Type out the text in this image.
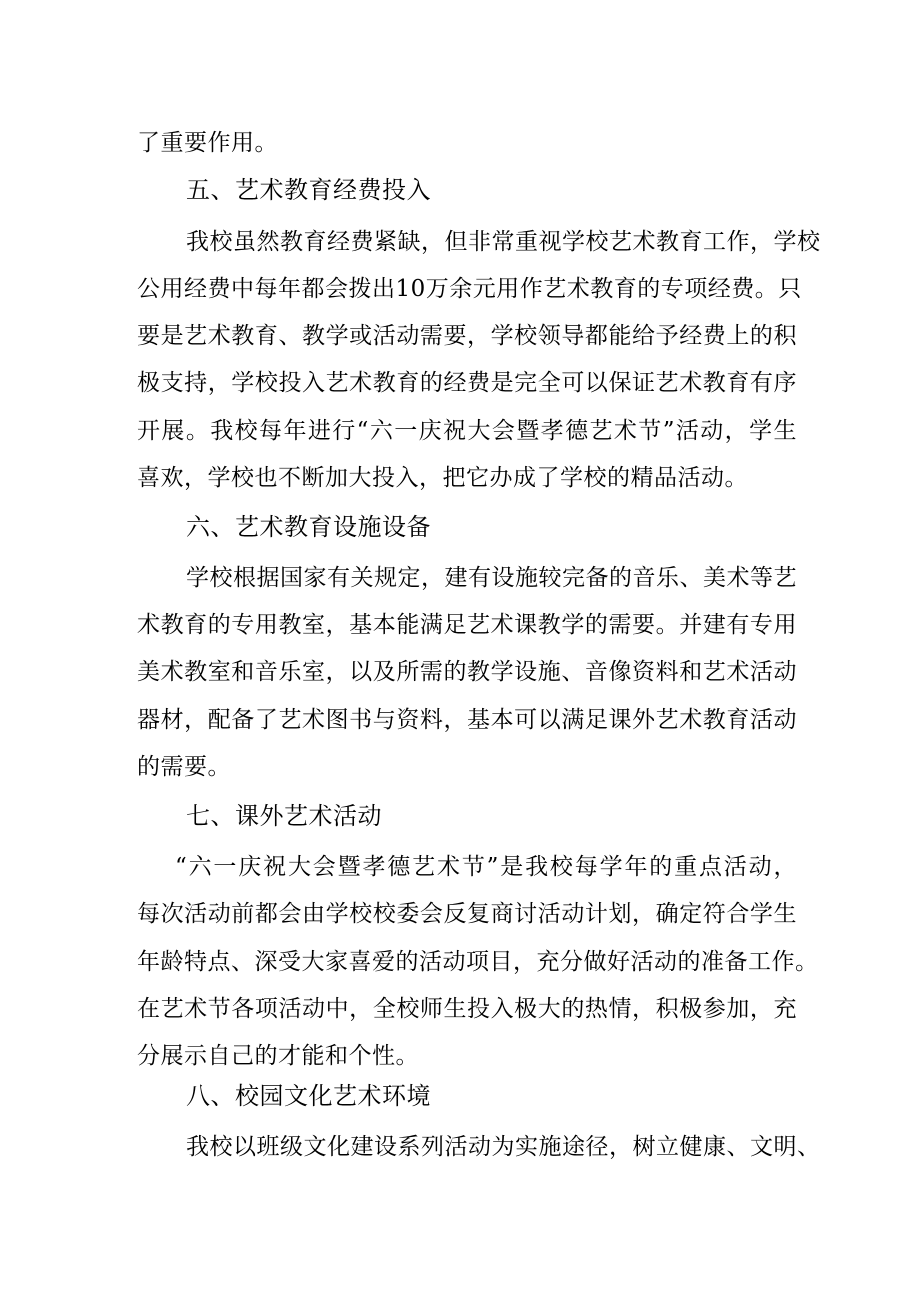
了重要作用。
五、艺术教育经费投入
我校虽然教育经费紧缺，但非常重视学校艺术教育工作，学校
公用经费中每年都会拨出10万余元用作艺术教育的专项经费。只
要是艺术教育、教学或活动需要，学校领导都能给予经费上的积
极支持，学校投入艺术教育的经费是完全可以保证艺术教育有序
开展。我校每年进行“六一庆祝大会暨孝德艺术节”活动，学生
喜欢，学校也不断加大投入，把它办成了学校的精品活动。
六、艺术教育设施设备
学校根据国家有关规定，建有设施较完备的音乐、美术等艺
术教育的专用教室，基本能满足艺术课教学的需要。并建有专用
美术教室和音乐室，以及所需的教学设施、音像资料和艺术活动
器材，配备了艺术图书与资料，基本可以满足课外艺术教育活动
的需要。
七、课外艺术活动
“六一庆祝大会暨孝德艺术节”是我校每学年的重点活动，
每次活动前都会由学校校委会反复商讨活动计划，确定符合学生
年龄特点、深受大家喜爱的活动项目，充分做好活动的准备工作。
在艺术节各项活动中，全校师生投入极大的热情，积极参加，充
分展示自己的才能和个性。
八、校园文化艺术环境
我校以班级文化建设系列活动为实施途径，树立健康、文明、
